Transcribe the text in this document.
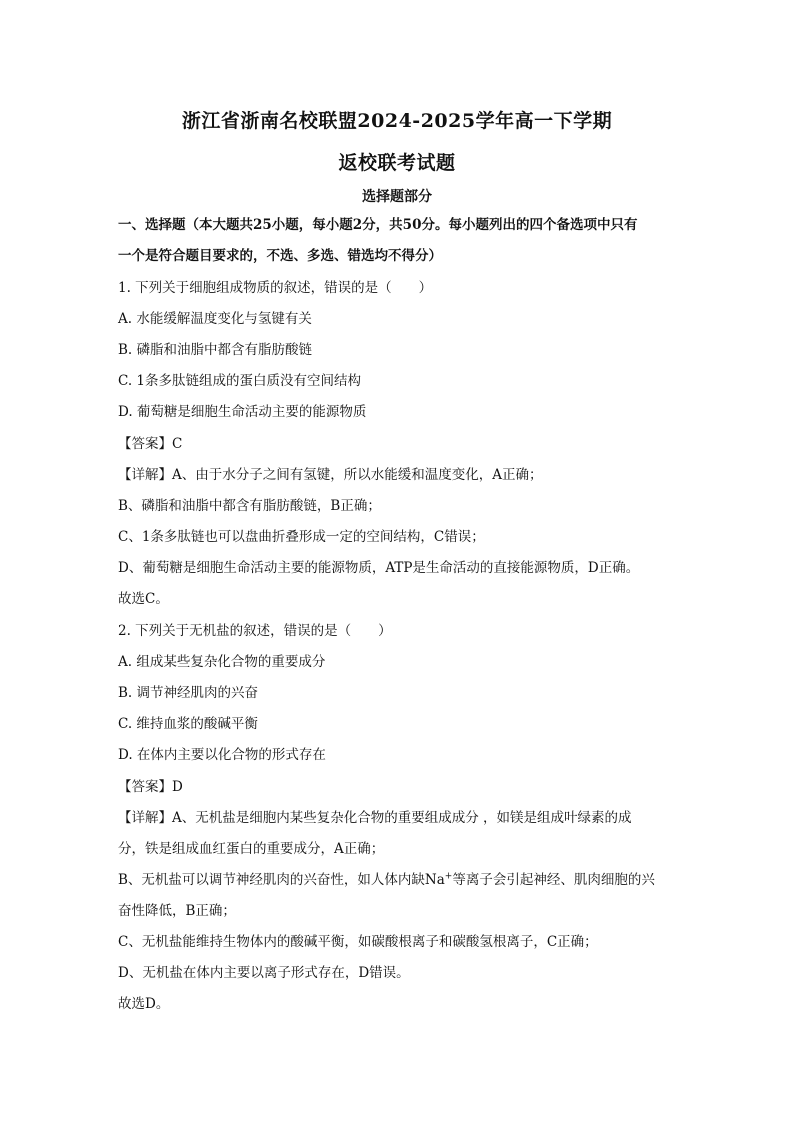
浙江省浙南名校联盟2024-2025学年高一下学期
返校联考试题
选择题部分
一、选择题（本大题共25小题，每小题2分，共50分。每小题列出的四个备选项中只有
一个是符合题目要求的，不选、多选、错选均不得分）
1. 下列关于细胞组成物质的叙述，错误的是（　　）
A. 水能缓解温度变化与氢键有关
B. 磷脂和油脂中都含有脂肪酸链
C. 1条多肽链组成的蛋白质没有空间结构
D. 葡萄糖是细胞生命活动主要的能源物质
【答案】C
【详解】A、由于水分子之间有氢键，所以水能缓和温度变化，A正确；
B、磷脂和油脂中都含有脂肪酸链，B正确；
C、1条多肽链也可以盘曲折叠形成一定的空间结构，C错误；
D、葡萄糖是细胞生命活动主要的能源物质，ATP是生命活动的直接能源物质，D正确。
故选C。
2. 下列关于无机盐的叙述，错误的是（　　）
A. 组成某些复杂化合物的重要成分
B. 调节神经肌肉的兴奋
C. 维持血浆的酸碱平衡
D. 在体内主要以化合物的形式存在
【答案】D
【详解】A、无机盐是细胞内某些复杂化合物的重要组成成分 ，如镁是组成叶绿素的成
分，铁是组成血红蛋白的重要成分，A正确；
B、无机盐可以调节神经肌肉的兴奋性，如人体内缺Na+等离子会引起神经、肌肉细胞的兴
奋性降低，B正确；
C、无机盐能维持生物体内的酸碱平衡，如碳酸根离子和碳酸氢根离子，C正确；
D、无机盐在体内主要以离子形式存在，D错误。
故选D。
